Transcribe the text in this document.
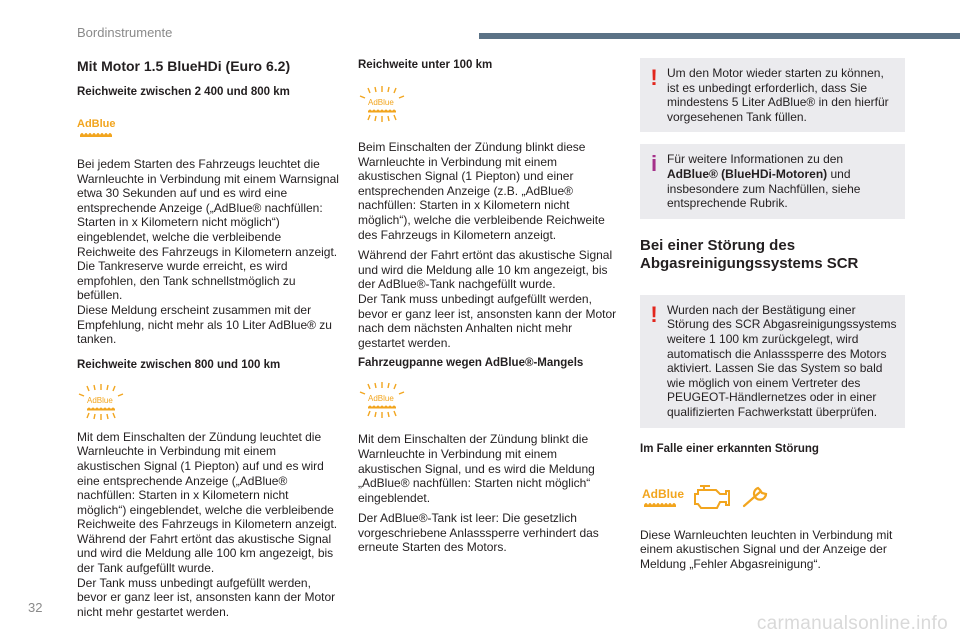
Bordinstrumente
Mit Motor 1.5 BlueHDi (Euro 6.2)
Reichweite zwischen 2 400 und 800 km
AdBlue

Bei jedem Starten des Fahrzeugs leuchtet die Warnleuchte in Verbindung mit einem Warnsignal etwa 30 Sekunden auf und es wird eine entsprechende Anzeige („AdBlue® nachfüllen: Starten in x Kilometern nicht möglich“) eingeblendet, welche die verbleibende Reichweite des Fahrzeugs in Kilometern anzeigt. Die Tankreserve wurde erreicht, es wird empfohlen, den Tank schnellstmöglich zu befüllen.

Diese Meldung erscheint zusammen mit der Empfehlung, nicht mehr als 10 Liter AdBlue® zu tanken.

Reichweite zwischen 800 und 100 km
AdBlue

Mit dem Einschalten der Zündung leuchtet die Warnleuchte in Verbindung mit einem akustischen Signal (1 Piepton) auf und es wird eine entsprechende Anzeige („AdBlue® nachfüllen: Starten in x Kilometern nicht möglich“) eingeblendet, welche die verbleibende Reichweite des Fahrzeugs in Kilometern anzeigt. Während der Fahrt ertönt das akustische Signal und wird die Meldung alle 100 km angezeigt, bis der Tank aufgefüllt wurde.

Der Tank muss unbedingt aufgefüllt werden, bevor er ganz leer ist, ansonsten kann der Motor nicht mehr gestartet werden.

Reichweite unter 100 km
AdBlue

Beim Einschalten der Zündung blinkt diese Warnleuchte in Verbindung mit einem akustischen Signal (1 Piepton) und einer entsprechenden Anzeige (z.B. „AdBlue® nachfüllen: Starten in x Kilometern nicht möglich“), welche die verbleibende Reichweite des Fahrzeugs in Kilometern anzeigt.

Während der Fahrt ertönt das akustische Signal und wird die Meldung alle 10 km angezeigt, bis der AdBlue®-Tank nachgefüllt wurde.

Der Tank muss unbedingt aufgefüllt werden, bevor er ganz leer ist, ansonsten kann der Motor nach dem nächsten Anhalten nicht mehr gestartet werden.

Fahrzeugpanne wegen AdBlue®-Mangels
AdBlue

Mit dem Einschalten der Zündung blinkt die Warnleuchte in Verbindung mit einem akustischen Signal, und es wird die Meldung „AdBlue® nachfüllen: Starten nicht möglich“ eingeblendet.

Der AdBlue®-Tank ist leer: Die gesetzlich vorgeschriebene Anlasssperre verhindert das erneute Starten des Motors.

! Um den Motor wieder starten zu können, ist es unbedingt erforderlich, dass Sie mindestens 5 Liter AdBlue® in den hierfür vorgesehenen Tank füllen.

i Für weitere Informationen zu den AdBlue® (BlueHDi-Motoren) und insbesondere zum Nachfüllen, siehe entsprechende Rubrik.

Bei einer Störung des Abgasreinigungssystems SCR
! Wurden nach der Bestätigung einer Störung des SCR Abgasreinigungssystems weitere 1 100 km zurückgelegt, wird automatisch die Anlasssperre des Motors aktiviert. Lassen Sie das System so bald wie möglich von einem Vertreter des PEUGEOT-Händlernetzes oder in einer qualifizierten Fachwerkstatt überprüfen.

Im Falle einer erkannten Störung
AdBlue

Diese Warnleuchten leuchten in Verbindung mit einem akustischen Signal und der Anzeige der Meldung „Fehler Abgasreinigung“.

32
carmanualsonline.info
